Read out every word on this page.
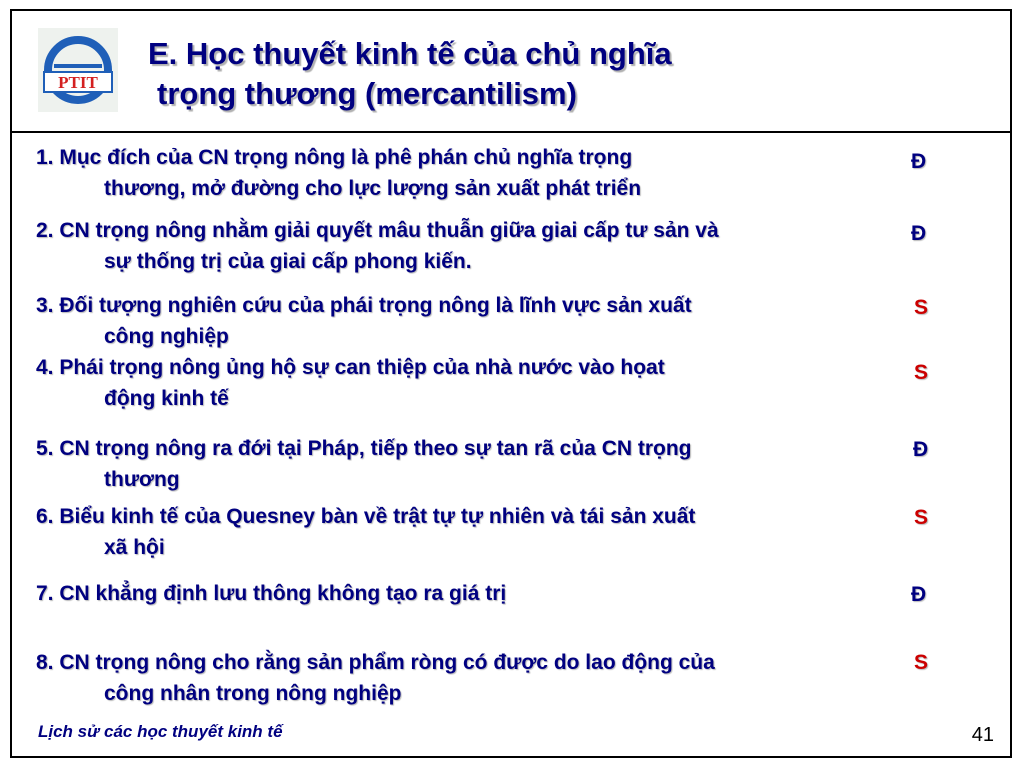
PTIT
E. Học thuyết kinh tế của chủ nghĩa
trọng thương (mercantilism)
1. Mục đích của CN trọng nông là phê phán chủ nghĩa trọng
thương, mở đường cho lực lượng sản xuất phát triển
Đ
2. CN trọng nông nhằm giải quyết mâu thuẫn giữa giai cấp tư sản và
sự thống trị của giai cấp phong kiến.
Đ
3. Đối tượng nghiên cứu của phái trọng nông là lĩnh vực sản xuất
công nghiệp
S
4. Phái trọng nông ủng hộ sự can thiệp của nhà nước vào họat
động kinh tế
S
5. CN trọng nông ra đới tại Pháp, tiếp theo sự tan rã của CN trọng
thương
Đ
6. Biểu kinh tế của Quesney bàn về trật tự tự nhiên và tái sản xuất
xã hội
S
7. CN khẳng định lưu thông không tạo ra giá trị	Đ
8. CN trọng nông cho rằng sản phẩm ròng có được do lao động của
công nhân trong nông nghiệp
S
Lịch sử các học thuyết kinh tế	41
